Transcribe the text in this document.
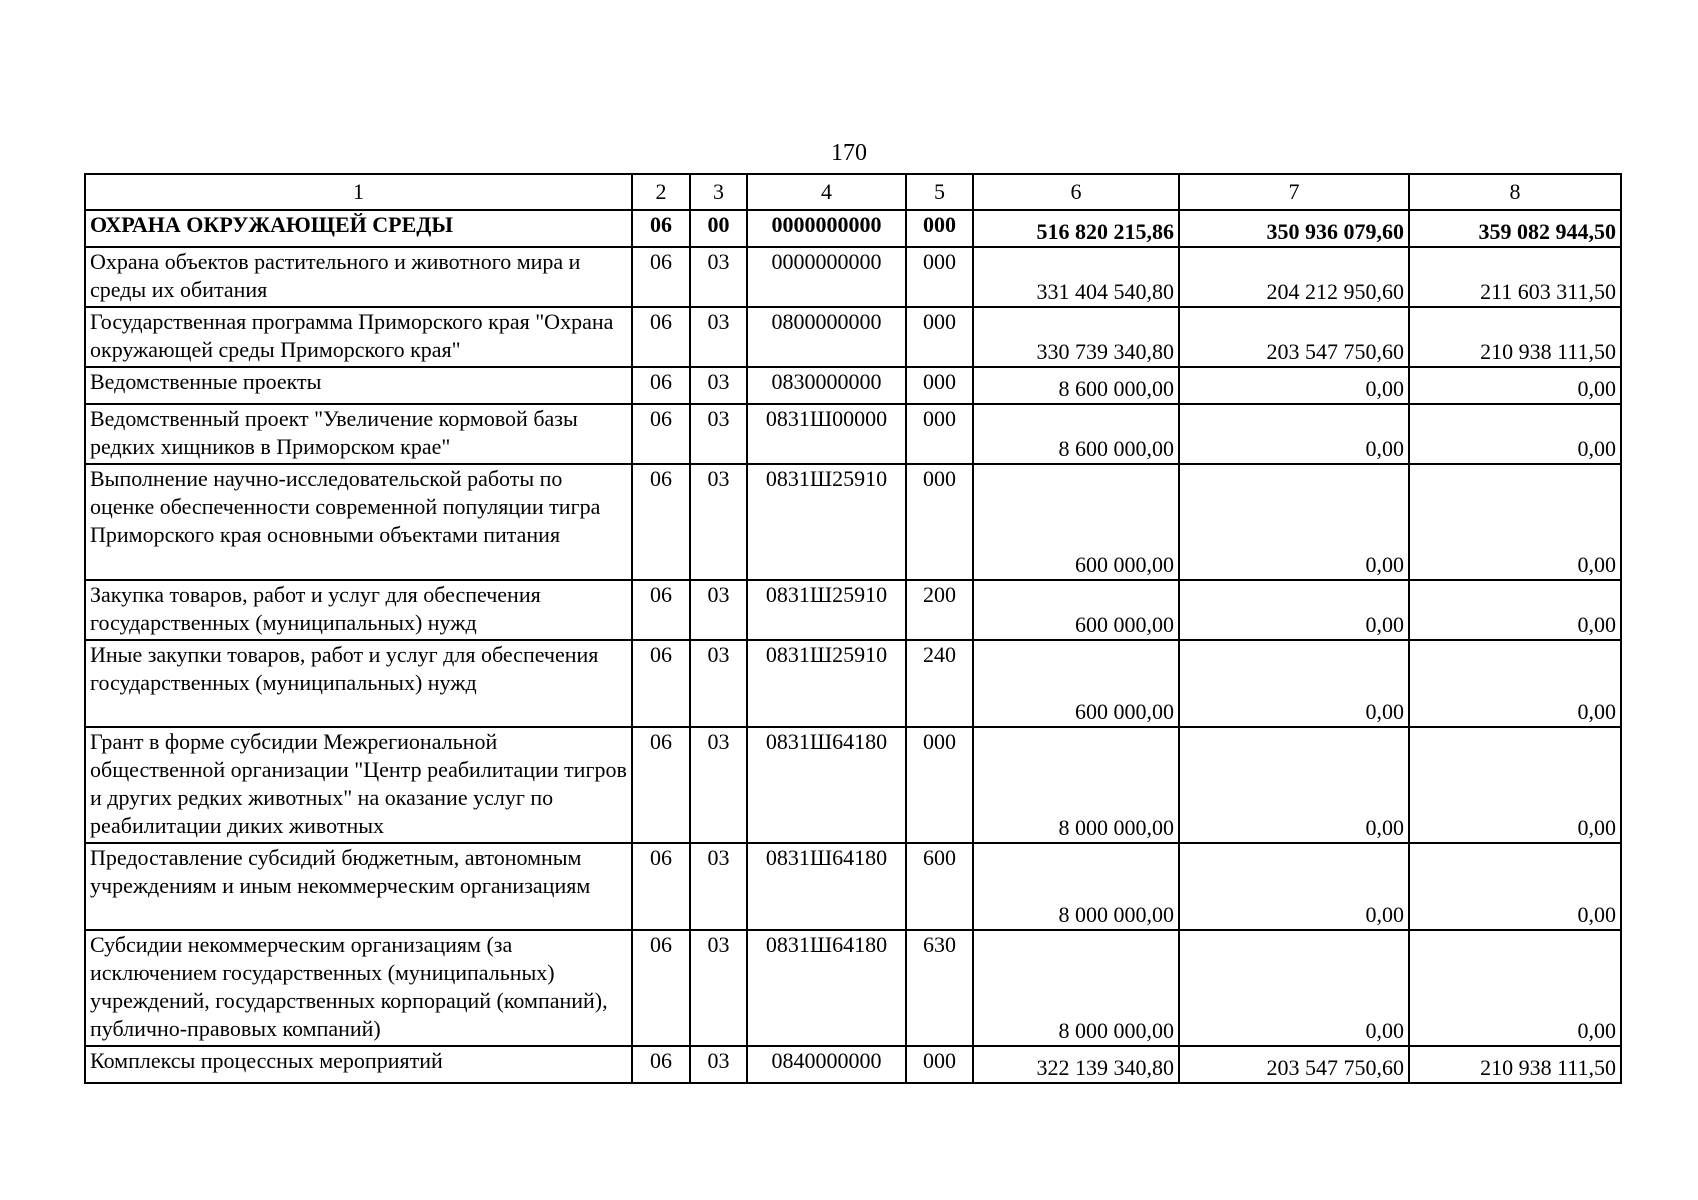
170
1	2	3	4	5	6	7	8
ОХРАНА ОКРУЖАЮЩЕЙ СРЕДЫ	06	00	0000000000	000	516 820 215,86	350 936 079,60	359 082 944,50
Охрана объектов растительного и животного мира и среды их обитания	06	03	0000000000	000	331 404 540,80	204 212 950,60	211 603 311,50
Государственная программа Приморского края "Охрана окружающей среды Приморского края"	06	03	0800000000	000	330 739 340,80	203 547 750,60	210 938 111,50
Ведомственные проекты	06	03	0830000000	000	8 600 000,00	0,00	0,00
Ведомственный проект "Увеличение кормовой базы редких хищников в Приморском крае"	06	03	0831Ш00000	000	8 600 000,00	0,00	0,00
Выполнение научно-исследовательской работы по оценке обеспеченности современной популяции тигра Приморского края основными объектами питания	06	03	0831Ш25910	000	600 000,00	0,00	0,00
Закупка товаров, работ и услуг для обеспечения государственных (муниципальных) нужд	06	03	0831Ш25910	200	600 000,00	0,00	0,00
Иные закупки товаров, работ и услуг для обеспечения государственных (муниципальных) нужд	06	03	0831Ш25910	240	600 000,00	0,00	0,00
Грант в форме субсидии Межрегиональной общественной организации "Центр реабилитации тигров и других редких животных" на оказание услуг по реабилитации диких животных	06	03	0831Ш64180	000	8 000 000,00	0,00	0,00
Предоставление субсидий бюджетным, автономным учреждениям и иным некоммерческим организациям	06	03	0831Ш64180	600	8 000 000,00	0,00	0,00
Субсидии некоммерческим организациям (за исключением государственных (муниципальных) учреждений, государственных корпораций (компаний), публично-правовых компаний)	06	03	0831Ш64180	630	8 000 000,00	0,00	0,00
Комплексы процессных мероприятий	06	03	0840000000	000	322 139 340,80	203 547 750,60	210 938 111,50
